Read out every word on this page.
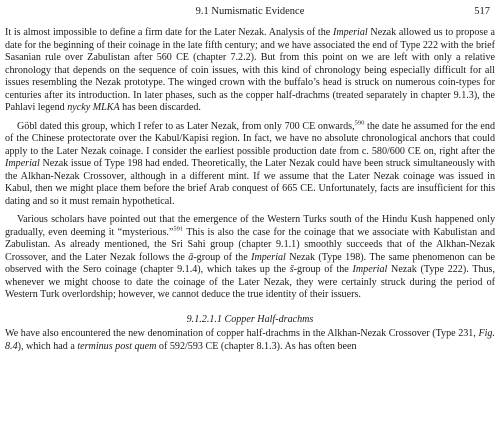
9.1 Numismatic Evidence	517

It is almost impossible to define a firm date for the Later Nezak. Analysis of the Imperial Nezak allowed us to propose a date for the beginning of their coinage in the late fifth century; and we have associated the end of Type 222 with the brief Sasanian rule over Zabulistan after 560 CE (chapter 7.2.2). But from this point on we are left with only a relative chronology that depends on the sequence of coin issues, with this kind of chronology being especially difficult for all issues resembling the Nezak prototype. The winged crown with the buffalo’s head is struck on numerous coin-types for centuries after its introduction. In later phases, such as the copper half-drachms (treated separately in chapter 9.1.3), the Pahlavi legend nycky MLKA has been discarded.

Göbl dated this group, which I refer to as Later Nezak, from only 700 CE onwards,$^{590}$ the date he assumed for the end of the Chinese protectorate over the Kabul/Kapisi region. In fact, we have no absolute chronological anchors that could apply to the Later Nezak coinage. I consider the earliest possible production date from c. 580/600 CE on, right after the Imperial Nezak issue of Type 198 had ended. Theoretically, the Later Nezak could have been struck simultaneously with the Alkhan-Nezak Crossover, although in a different mint. If we assume that the Later Nezak coinage was issued in Kabul, then we might place them before the brief Arab conquest of 665 CE. Unfortunately, facts are insufficient for this dating and so it must remain hypothetical.

Various scholars have pointed out that the emergence of the Western Turks south of the Hindu Kush happened only gradually, even deeming it “mysterious.”$^{591}$ This is also the case for the coinage that we associate with Kabulistan and Zabulistan. As already mentioned, the Sri Sahi group (chapter 9.1.1) smoothly succeeds that of the Alkhan-Nezak Crossover, and the Later Nezak follows the ā-group of the Imperial Nezak (Type 198). The same phenomenon can be observed with the Sero coinage (chapter 9.1.4), which takes up the š-group of the Imperial Nezak (Type 222). Thus, whenever we might choose to date the coinage of the Later Nezak, they were certainly struck during the period of Western Turk overlordship; however, we cannot deduce the true identity of their issuers.

9.1.2.1.1 Copper Half-drachms

We have also encountered the new denomination of copper half-drachms in the Alkhan-Nezak Crossover (Type 231, Fig. 8.4), which had a terminus post quem of 592/593 CE (chapter 8.1.3). As has often been
